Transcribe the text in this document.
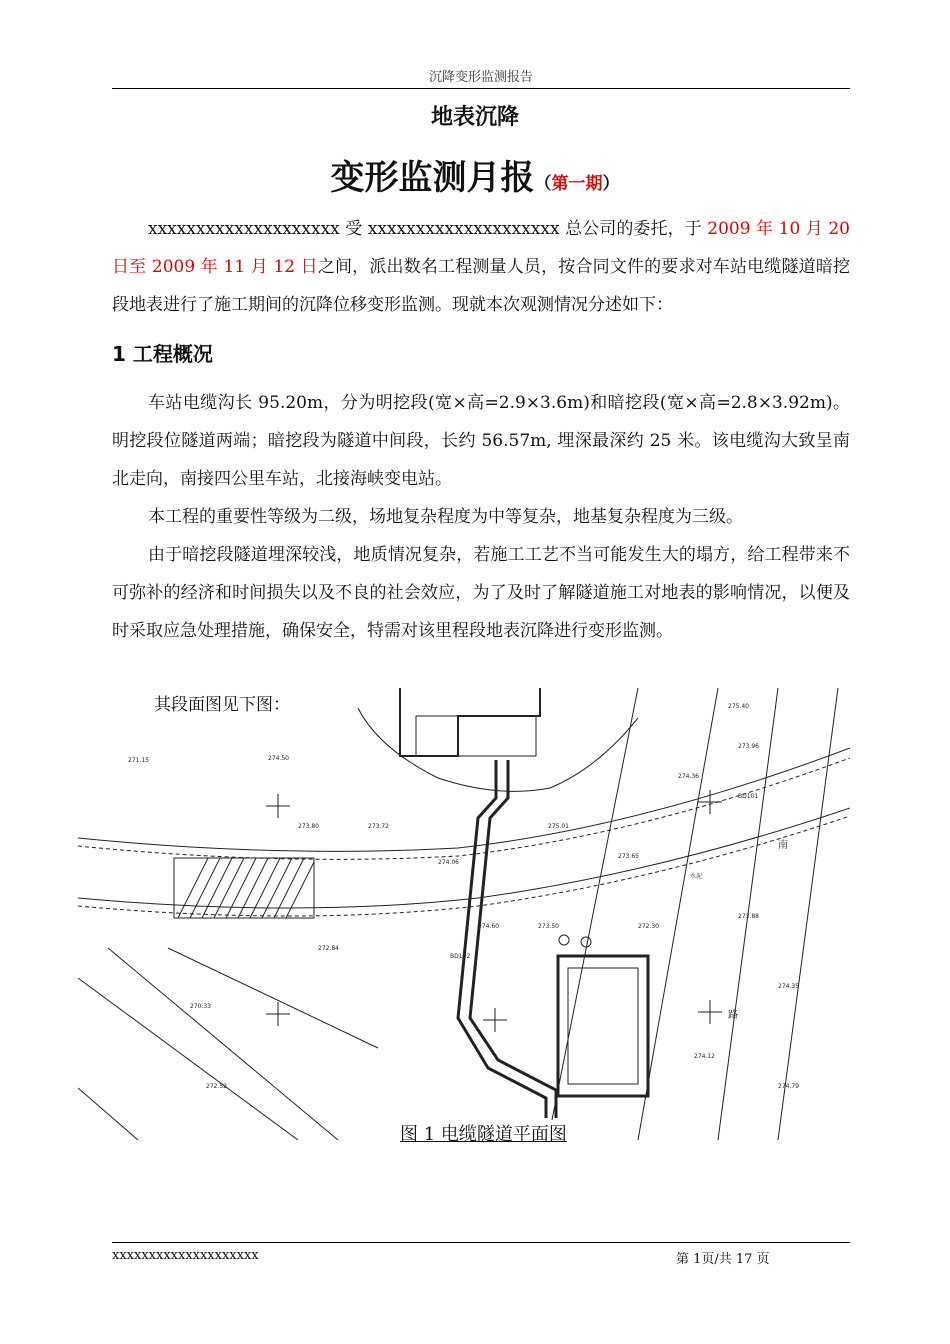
沉降变形监测报告
地表沉降
变形监测月报（第一期）
xxxxxxxxxxxxxxxxxxxx 受 xxxxxxxxxxxxxxxxxxxx 总公司的委托，于 2009 年 10 月 20 日至 2009 年 11 月 12 日之间，派出数名工程测量人员，按合同文件的要求对车站电缆隧道暗挖段地表进行了施工期间的沉降位移变形监测。现就本次观测情况分述如下：
1 工程概况
车站电缆沟长 95.20m，分为明挖段(宽×高=2.9×3.6m)和暗挖段(宽×高=2.8×3.92m)。明挖段位隧道两端；暗挖段为隧道中间段，长约 56.57m, 埋深最深约 25 米。该电缆沟大致呈南北走向，南接四公里车站，北接海峡变电站。
本工程的重要性等级为二级，场地复杂程度为中等复杂，地基复杂程度为三级。
由于暗挖段隧道埋深较浅，地质情况复杂，若施工工艺不当可能发生大的塌方，给工程带来不可弥补的经济和时间损失以及不良的社会效应，为了及时了解隧道施工对地表的影响情况，以便及时采取应急处理措施，确保安全，特需对该里程段地表沉降进行变形监测。
南
路
水泥
BD101
BD102
274.50
273.80	273.72
274.06
275.40
274.36
273.65
272.30
274.12
273.88
271.15
272.84
274.60
275.01
273.96
274.35
270.33
273.50
272.52	274.79
其段面图见下图：
图 1 电缆隧道平面图
xxxxxxxxxxxxxxxxxxxx	第 1页/共 17 页
